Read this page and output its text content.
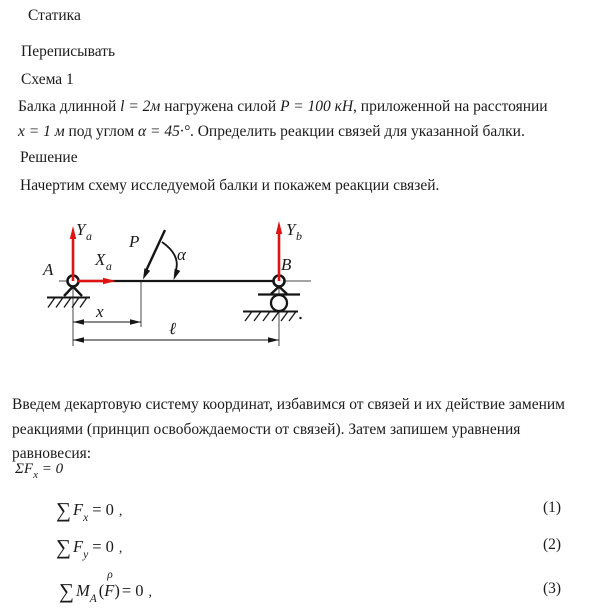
Статика
Переписывать
Схема 1
Балка длинной l = 2м нагружена силой P = 100 кН, приложенной на расстоянии
x = 1 м под углом α = 45·°. Определить реакции связей для указанной балки.
Решение
Начертим схему исследуемой балки и покажем реакции связей.
$Y_a$
$X_a$
$Y_b$
A	B
P
α
x
ℓ
Введем декартовую систему координат, избавимся от связей и их действие заменим
реакциями (принцип освобождаемости от связей). Затем запишем уравнения
равновесия:
$\Sigma F_x = 0$
∑ $F_x = 0$ ,	(1)
∑ $F_y = 0$ ,	(2)
∑ $M_A$ (
ρ
F) = 0 ,	(3)
